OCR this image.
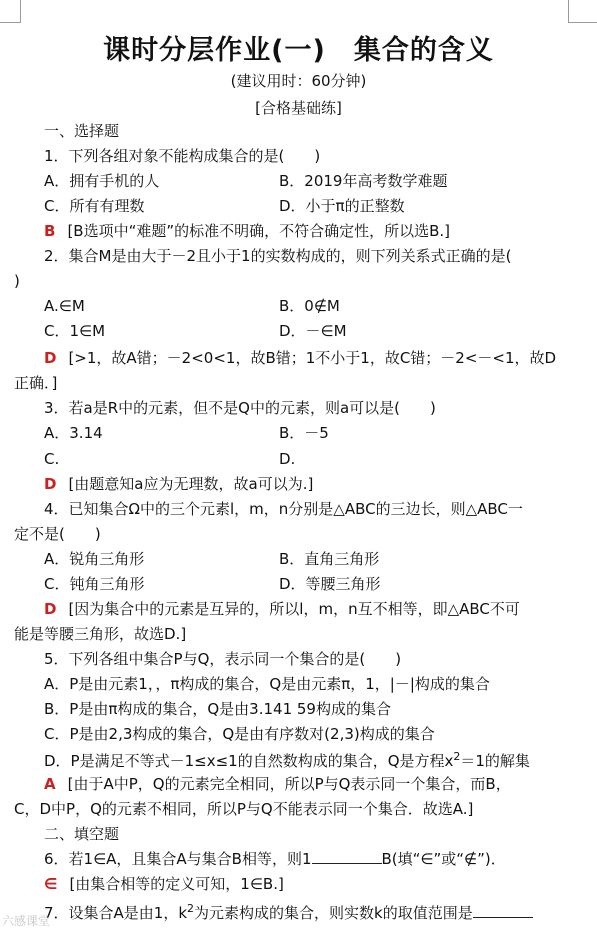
课时分层作业(一)　集合的含义
(建议用时：60分钟)
[合格基础练]
一、选择题
1．下列各组对象不能构成集合的是(　　)
A．拥有手机的人	B．2019年高考数学难题
C．所有有理数	D．小于π的正整数
B [B选项中“难题”的标准不明确，不符合确定性，所以选B.]
2．集合M是由大于－2且小于1的实数构成的，则下列关系式正确的是(
)
A.∈M	B．0∉M
C．1∈M	D．－∈M
D [>1，故A错；－2<0<1，故B错；1不小于1，故C错；－2<－<1，故D
正确．]
3．若a是R中的元素，但不是Q中的元素，则a可以是(　　)
A．3.14	B．－5
C.	D.
D [由题意知a应为无理数，故a可以为.]
4．已知集合Ω中的三个元素l，m，n分别是△ABC的三边长，则△ABC一
定不是(　　)
A．锐角三角形	B．直角三角形
C．钝角三角形	D．等腰三角形
D [因为集合中的元素是互异的，所以l，m，n互不相等，即△ABC不可
能是等腰三角形，故选D.]
5．下列各组中集合P与Q，表示同一个集合的是(　　)
A．P是由元素1，，π构成的集合，Q是由元素π，1，|－|构成的集合
B．P是由π构成的集合，Q是由3.141 59构成的集合
C．P是由2,3构成的集合，Q是由有序数对(2,3)构成的集合
D．P是满足不等式－1≤x≤1的自然数构成的集合，Q是方程$x^2=1$的解集
A [由于A中P，Q的元素完全相同，所以P与Q表示同一个集合，而B，
C，D中P，Q的元素不相同，所以P与Q不能表示同一个集合．故选A.]
二、填空题
6．若1∈A，且集合A与集合B相等，则1	B(填“∈”或“∉”)．
∈ [由集合相等的定义可知，1∈B.]
7．设集合A是由1，$k^2$为元素构成的集合，则实数k的取值范围是
六感课堂
